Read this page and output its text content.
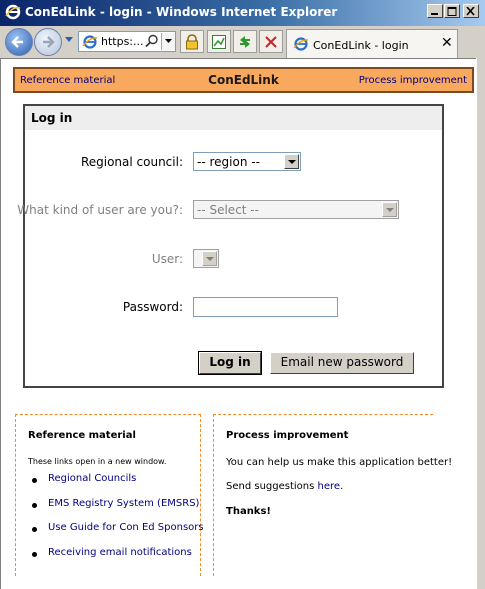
ConEdLink - login - Windows Internet Explorer
https:...	ConEdLink - login ✕
Reference material	ConEdLink	Process improvement
Log in
Regional council: -- region --
What kind of user are you?: -- Select --
User:
Password:
Log in	Email new password
Reference material
These links open in a new window.
Regional Councils
EMS Registry System (EMSRS)
Use Guide for Con Ed Sponsors
Receiving email notifications
Process improvement
You can help us make this application better!
Send suggestions here.
Thanks!
